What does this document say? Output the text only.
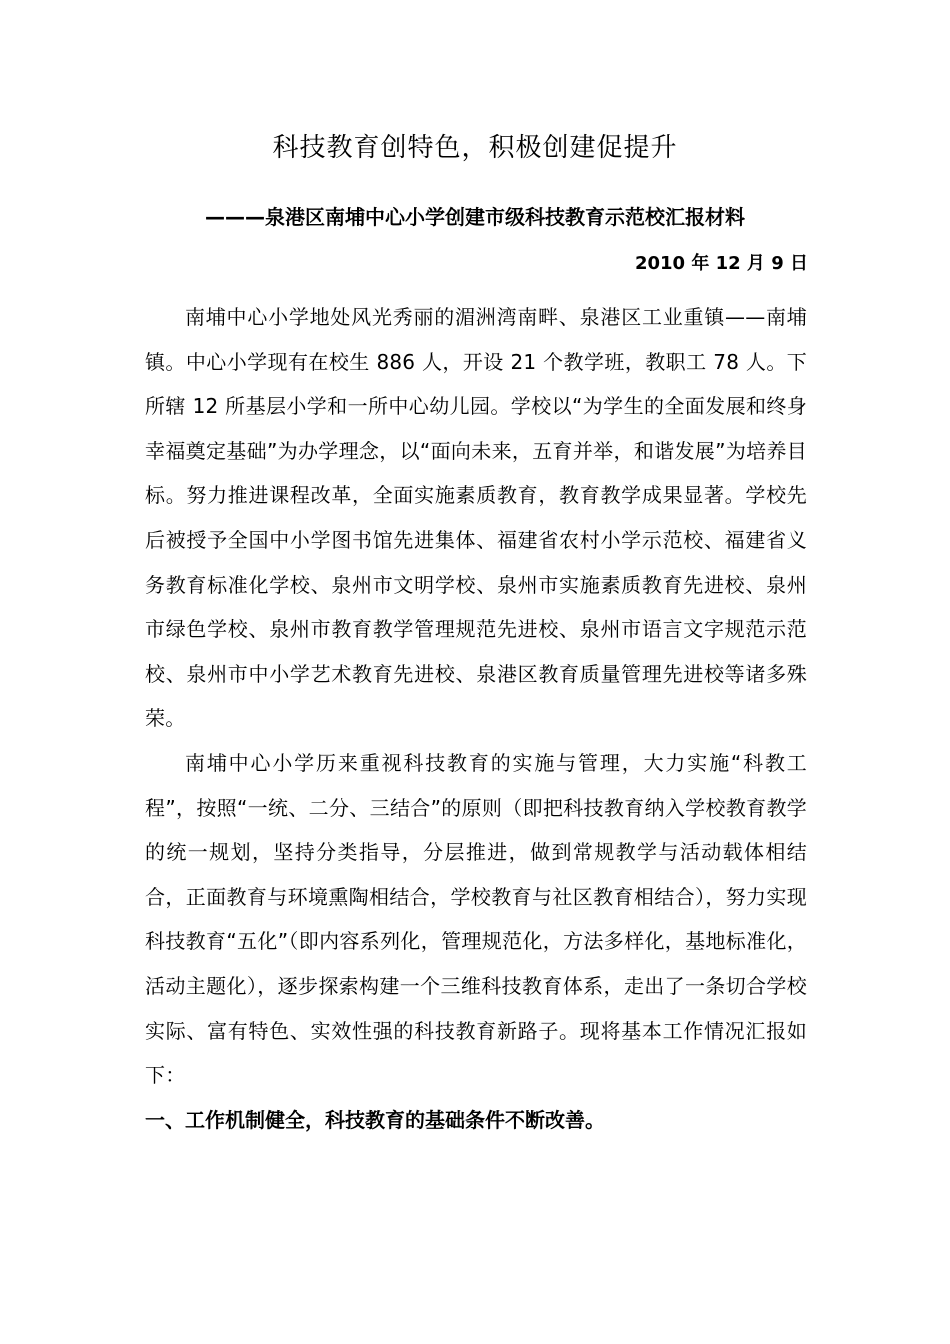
科技教育创特色，积极创建促提升
———泉港区南埔中心小学创建市级科技教育示范校汇报材料
2010 年 12 月 9 日

南埔中心小学地处风光秀丽的湄洲湾南畔、泉港区工业重镇——南埔镇。中心小学现有在校生 886 人，开设 21 个教学班，教职工 78 人。下所辖 12 所基层小学和一所中心幼儿园。学校以“为学生的全面发展和终身幸福奠定基础”为办学理念，以“面向未来，五育并举，和谐发展”为培养目标。努力推进课程改革，全面实施素质教育，教育教学成果显著。学校先后被授予全国中小学图书馆先进集体、福建省农村小学示范校、福建省义务教育标准化学校、泉州市文明学校、泉州市实施素质教育先进校、泉州市绿色学校、泉州市教育教学管理规范先进校、泉州市语言文字规范示范校、泉州市中小学艺术教育先进校、泉港区教育质量管理先进校等诸多殊荣。

南埔中心小学历来重视科技教育的实施与管理，大力实施“科教工程”，按照“一统、二分、三结合”的原则（即把科技教育纳入学校教育教学的统一规划，坚持分类指导，分层推进，做到常规教学与活动载体相结合，正面教育与环境熏陶相结合，学校教育与社区教育相结合），努力实现科技教育“五化”（即内容系列化，管理规范化，方法多样化，基地标准化，活动主题化），逐步探索构建一个三维科技教育体系，走出了一条切合学校实际、富有特色、实效性强的科技教育新路子。现将基本工作情况汇报如下：

一、工作机制健全，科技教育的基础条件不断改善。
